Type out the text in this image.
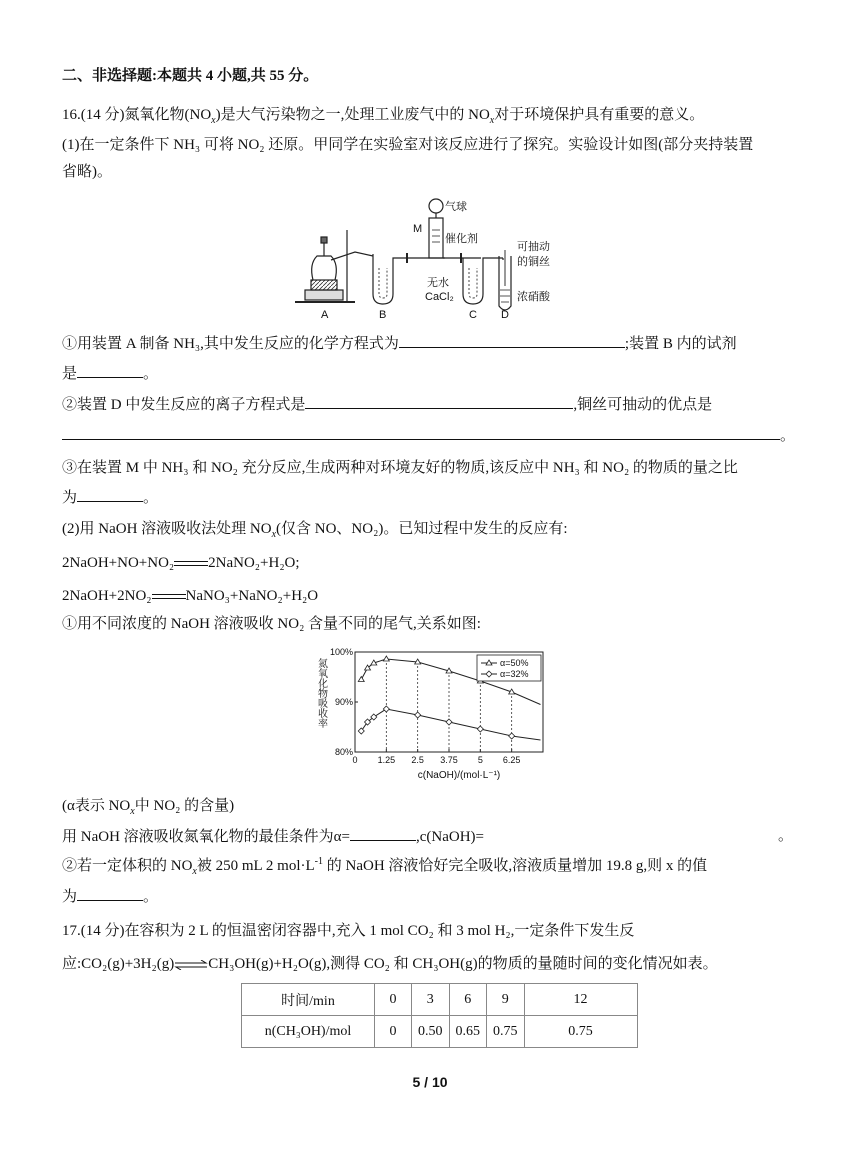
二、非选择题:本题共 4 小题,共 55 分。
16.(14 分)氮氧化物$(NO_x)$是大气污染物之一,处理工业废气中的 $NO_x$对于环境保护具有重要的意义。
(1)在一定条件下 NH₃ 可将 NO₂ 还原。甲同学在实验室对该反应进行了探究。实验设计如图(部分夹持装置
省略)。
气球
M
催化剂
可抽动
的铜丝
无水
CaCl₂	浓硝酸
A	B	C D
①用装置 A 制备 NH₃,其中发生反应的化学方程式为	;装置 B 内的试剂
是	。
②装置 D 中发生反应的离子方程式是	,铜丝可抽动的优点是
。
③在装置 M 中 NH₃ 和 NO₂ 充分反应,生成两种对环境友好的物质,该反应中 NH₃ 和 NO₂ 的物质的量之比
为	。
(2)用 NaOH 溶液吸收法处理 $NO_x$(仅含 NO、NO₂)。已知过程中发生的反应有:
2NaOH+NO+NO₂ 2NaNO₂+H₂O;
2NaOH+2NO₂ NaNO₃+NaNO₂+H₂O
①用不同浓度的 NaOH 溶液吸收 NO₂ 含量不同的尾气,关系如图:
100%
90%
80%
0 1.25 2.5 3.75 5 6.25
氮氧化物吸收率
c(NaOH)/(mol·L⁻¹)
α=50%
α=32%
(α表示 $NO_x$中 NO₂ 的含量)
用 NaOH 溶液吸收氮氧化物的最佳条件为α=	,c(NaOH)=	。
②若一定体积的 $NO_x$被 250 mL 2 $mol\cdot L^{-1}$ 的 NaOH 溶液恰好完全吸收,溶液质量增加 19.8 g,则 x 的值
为	。
17.(14 分)在容积为 2 L 的恒温密闭容器中,充入 1 mol CO₂ 和 3 mol H₂,一定条件下发生反
应:CO₂(g)+3H₂(g)⇌CH₃OH(g)+H₂O(g),测得 CO₂ 和 CH₃OH(g)的物质的量随时间的变化情况如表。
时间/min	0	3	6	9	12
n(CH₃OH)/mol	0	0.50	0.65	0.75	0.75
5 / 10
